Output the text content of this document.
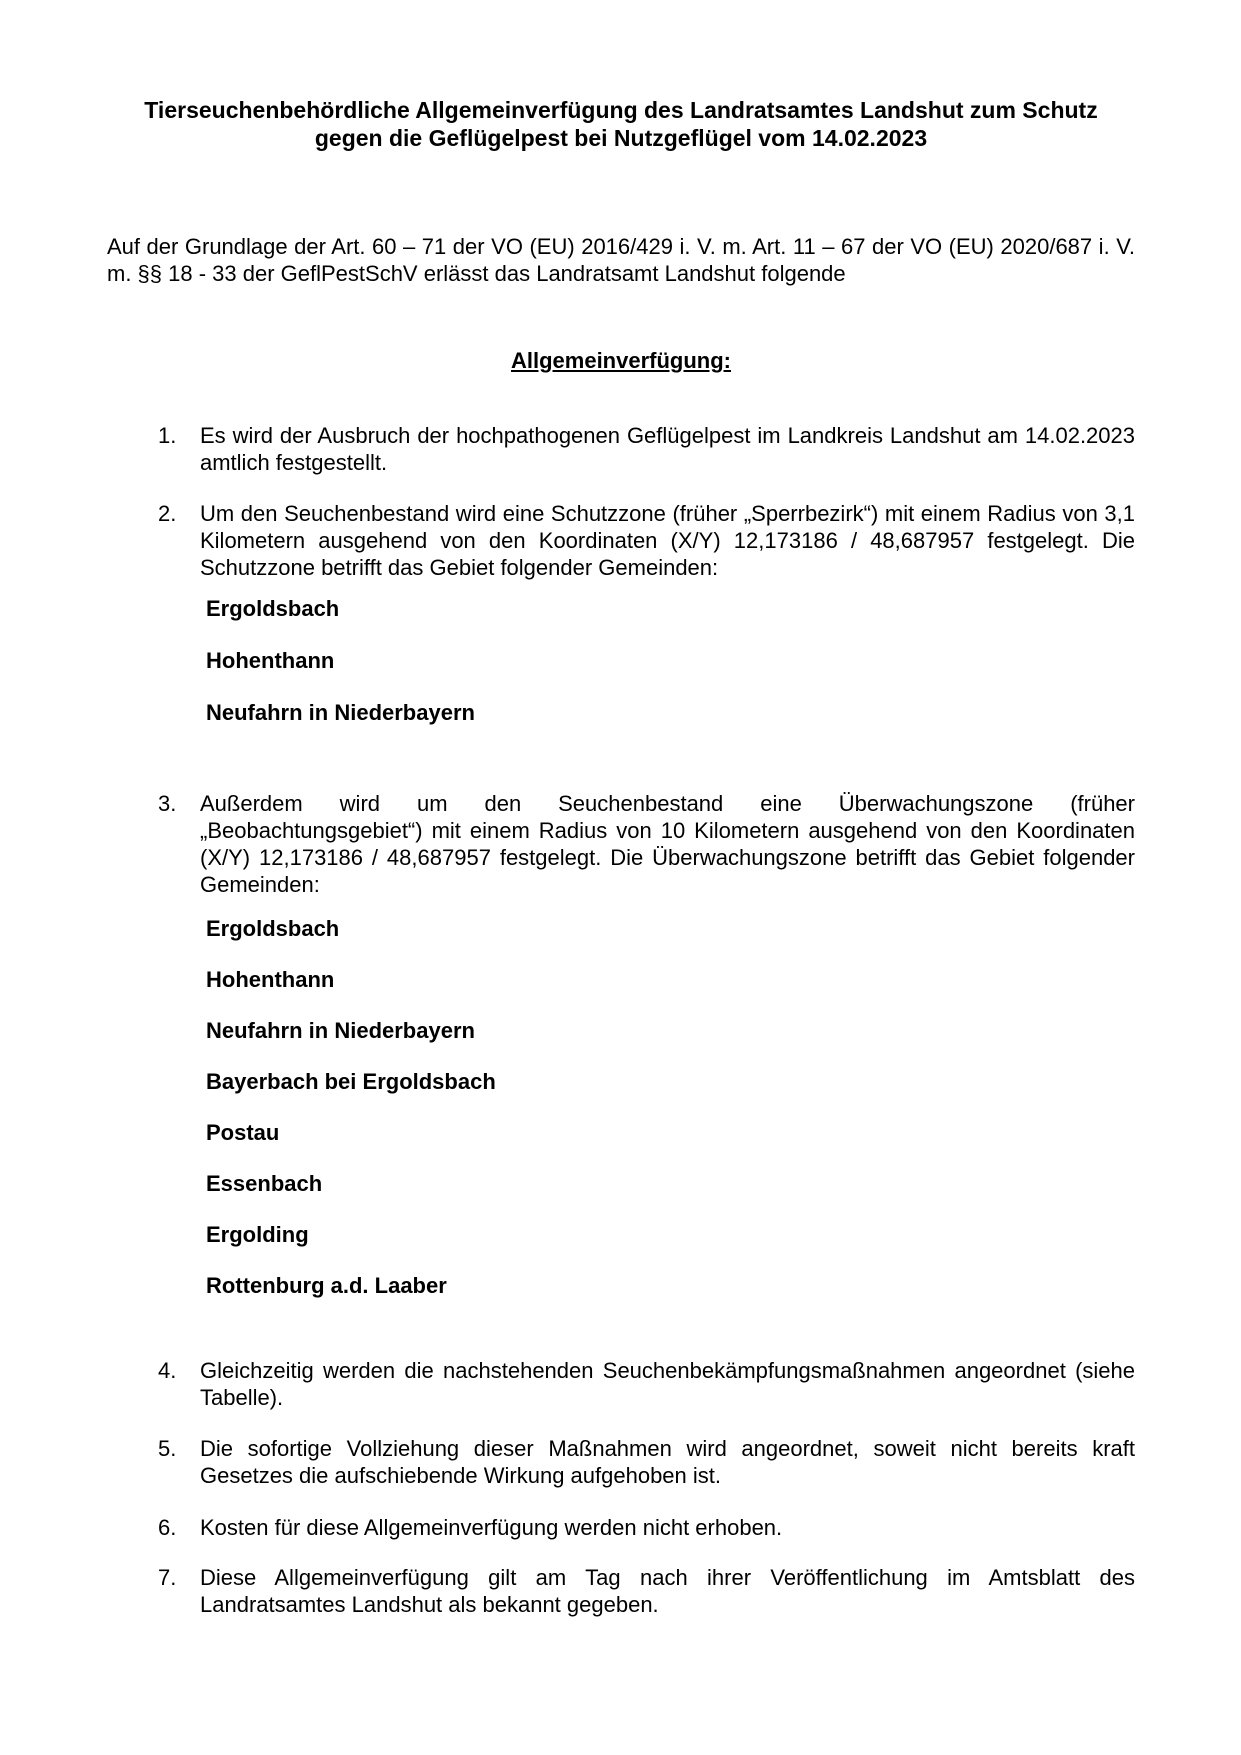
Tierseuchenbehördliche Allgemeinverfügung des Landratsamtes Landshut zum Schutz
gegen die Geflügelpest bei Nutzgeflügel vom 14.02.2023

Auf der Grundlage der Art. 60 – 71 der VO (EU) 2016/429 i. V. m. Art. 11 – 67 der VO (EU) 2020/687 i. V. m. §§ 18 - 33 der GeflPestSchV erlässt das Landratsamt Landshut folgende

Allgemeinverfügung:
1. Es wird der Ausbruch der hochpathogenen Geflügelpest im Landkreis Landshut am 14.02.2023 amtlich festgestellt.
2. Um den Seuchenbestand wird eine Schutzzone (früher „Sperrbezirk“) mit einem Radius von 3,1 Kilometern ausgehend von den Koordinaten (X/Y) 12,173186 / 48,687957 festgelegt. Die Schutzzone betrifft das Gebiet folgender Gemeinden:
Ergoldsbach
Hohenthann
Neufahrn in Niederbayern
3. Außerdem wird um den Seuchenbestand eine Überwachungszone (früher „Beobachtungsgebiet“) mit einem Radius von 10 Kilometern ausgehend von den Koordinaten (X/Y) 12,173186 / 48,687957 festgelegt. Die Überwachungszone betrifft das Gebiet folgender Gemeinden:
Ergoldsbach
Hohenthann
Neufahrn in Niederbayern
Bayerbach bei Ergoldsbach
Postau
Essenbach
Ergolding
Rottenburg a.d. Laaber
4. Gleichzeitig werden die nachstehenden Seuchenbekämpfungsmaßnahmen angeordnet (siehe Tabelle).
5. Die sofortige Vollziehung dieser Maßnahmen wird angeordnet, soweit nicht bereits kraft Gesetzes die aufschiebende Wirkung aufgehoben ist.
6. Kosten für diese Allgemeinverfügung werden nicht erhoben.
7. Diese Allgemeinverfügung gilt am Tag nach ihrer Veröffentlichung im Amtsblatt des Landratsamtes Landshut als bekannt gegeben.
